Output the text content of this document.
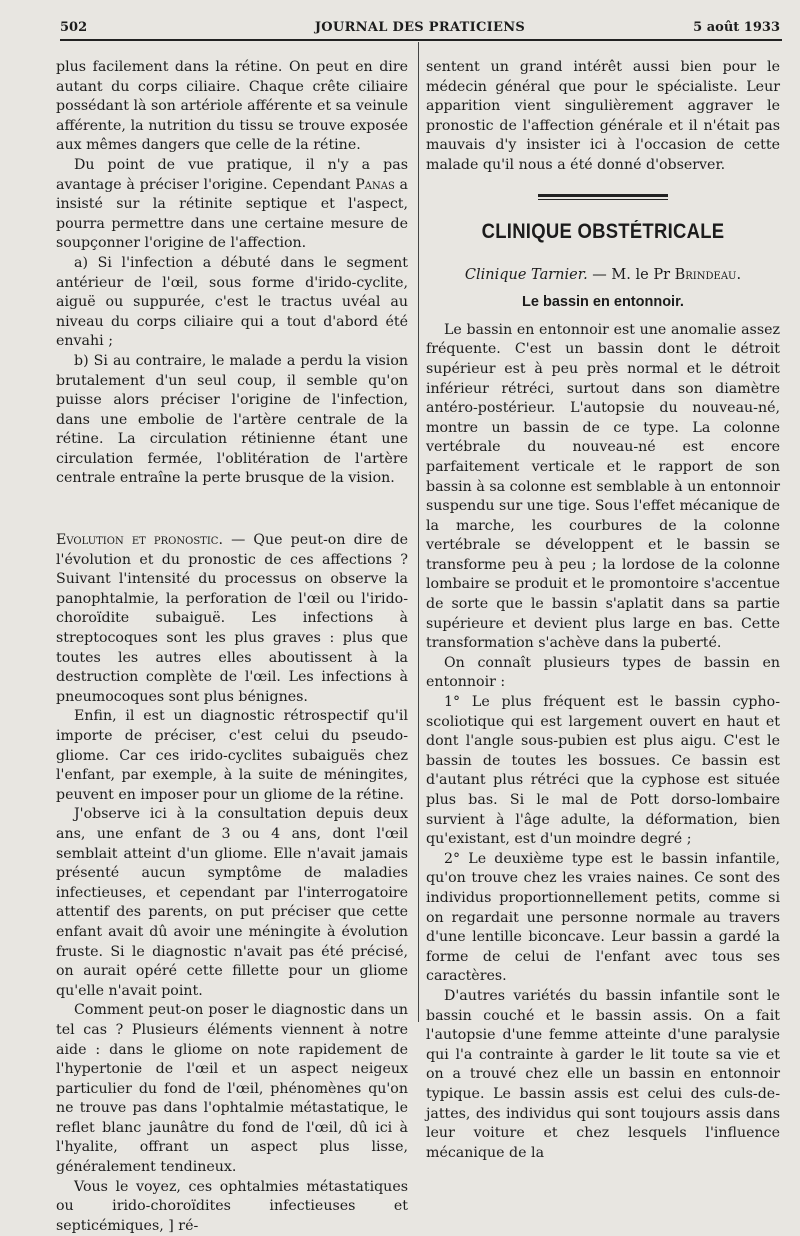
502	JOURNAL DES PRATICIENS	5 août 1933

plus facilement dans la rétine. On peut en dire autant du corps ciliaire. Chaque crête ciliaire possédant là son artériole afférente et sa veinule afférente, la nutrition du tissu se trouve exposée aux mêmes dangers que celle de la rétine.

Du point de vue pratique, il n'y a pas avantage à préciser l'origine. Cependant Panas a insisté sur la rétinite septique et l'aspect, pourra permettre dans une certaine mesure de soupçonner l'origine de l'affection.

a) Si l'infection a débuté dans le segment antérieur de l'œil, sous forme d'irido-cyclite, aiguë ou suppurée, c'est le tractus uvéal au niveau du corps ciliaire qui a tout d'abord été envahi ;

b) Si au contraire, le malade a perdu la vision brutalement d'un seul coup, il semble qu'on puisse alors préciser l'origine de l'infection, dans une embolie de l'artère centrale de la rétine. La circulation rétinienne étant une circulation fermée, l'oblitération de l'artère centrale entraîne la perte brusque de la vision.

Evolution et pronostic. — Que peut-on dire de l'évolution et du pronostic de ces affections ? Suivant l'intensité du processus on observe la panophtalmie, la perforation de l'œil ou l'irido-choroïdite subaiguë. Les infections à streptocoques sont les plus graves : plus que toutes les autres elles aboutissent à la destruction complète de l'œil. Les infections à pneumocoques sont plus bénignes.

Enfin, il est un diagnostic rétrospectif qu'il importe de préciser, c'est celui du pseudo-gliome. Car ces irido-cyclites subaiguës chez l'enfant, par exemple, à la suite de méningites, peuvent en imposer pour un gliome de la rétine.

J'observe ici à la consultation depuis deux ans, une enfant de 3 ou 4 ans, dont l'œil semblait atteint d'un gliome. Elle n'avait jamais présenté aucun symptôme de maladies infectieuses, et cependant par l'interrogatoire attentif des parents, on put préciser que cette enfant avait dû avoir une méningite à évolution fruste. Si le diagnostic n'avait pas été précisé, on aurait opéré cette fillette pour un gliome qu'elle n'avait point.

Comment peut-on poser le diagnostic dans un tel cas ? Plusieurs éléments viennent à notre aide : dans le gliome on note rapidement de l'hypertonie de l'œil et un aspect neigeux particulier du fond de l'œil, phénomènes qu'on ne trouve pas dans l'ophtalmie métastatique, le reflet blanc jaunâtre du fond de l'œil, dû ici à l'hyalite, offrant un aspect plus lisse, généralement tendineux.

Vous le voyez, ces ophtalmies métastatiques ou irido-choroïdites infectieuses et septicémiques, ] ré-

sentent un grand intérêt aussi bien pour le médecin général que pour le spécialiste. Leur apparition vient singulièrement aggraver le pronostic de l'affection générale et il n'était pas mauvais d'y insister ici à l'occasion de cette malade qu'il nous a été donné d'observer.

CLINIQUE OBSTÉTRICALE
Clinique Tarnier. — M. le Pr Brindeau.
Le bassin en entonnoir.

Le bassin en entonnoir est une anomalie assez fréquente. C'est un bassin dont le détroit supérieur est à peu près normal et le détroit inférieur rétréci, surtout dans son diamètre antéro-postérieur. L'autopsie du nouveau-né, montre un bassin de ce type. La colonne vertébrale du nouveau-né est encore parfaitement verticale et le rapport de son bassin à sa colonne est semblable à un entonnoir suspendu sur une tige. Sous l'effet mécanique de la marche, les courbures de la colonne vertébrale se développent et le bassin se transforme peu à peu ; la lordose de la colonne lombaire se produit et le promontoire s'accentue de sorte que le bassin s'aplatit dans sa partie supérieure et devient plus large en bas. Cette transformation s'achève dans la puberté.

On connaît plusieurs types de bassin en entonnoir :

1° Le plus fréquent est le bassin cypho-scoliotique qui est largement ouvert en haut et dont l'angle sous-pubien est plus aigu. C'est le bassin de toutes les bossues. Ce bassin est d'autant plus rétréci que la cyphose est située plus bas. Si le mal de Pott dorso-lombaire survient à l'âge adulte, la déformation, bien qu'existant, est d'un moindre degré ;

2° Le deuxième type est le bassin infantile, qu'on trouve chez les vraies naines. Ce sont des individus proportionnellement petits, comme si on regardait une personne normale au travers d'une lentille biconcave. Leur bassin a gardé la forme de celui de l'enfant avec tous ses caractères.

D'autres variétés du bassin infantile sont le bassin couché et le bassin assis. On a fait l'autopsie d'une femme atteinte d'une paralysie qui l'a contrainte à garder le lit toute sa vie et on a trouvé chez elle un bassin en entonnoir typique. Le bassin assis est celui des culs-de-jattes, des individus qui sont toujours assis dans leur voiture et chez lesquels l'influence mécanique de la
